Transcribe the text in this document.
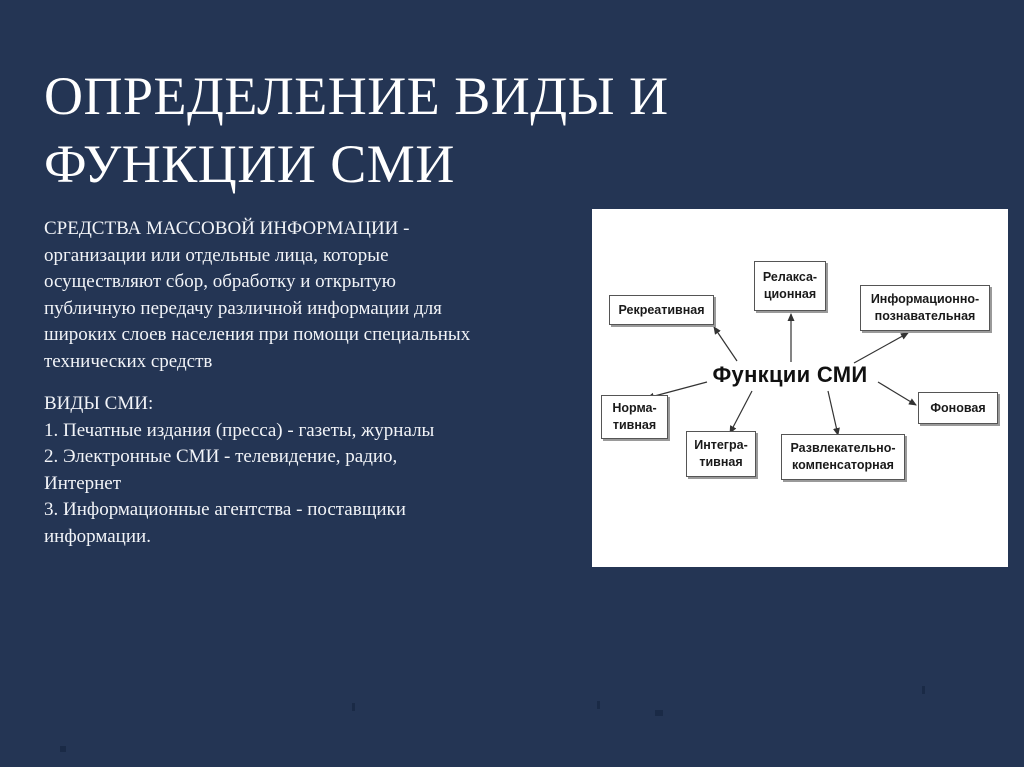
ОПРЕДЕЛЕНИЕ ВИДЫ И
ФУНКЦИИ СМИ
СРЕДСТВА МАССОВОЙ ИНФОРМАЦИИ -
организации или отдельные лица, которые
осуществляют сбор, обработку и открытую
публичную передачу различной информации для
широких слоев населения при помощи специальных
технических средств
ВИДЫ СМИ:
1. Печатные издания (пресса) - газеты, журналы
2. Электронные СМИ - телевидение, радио,
Интернет
3. Информационные агентства - поставщики
информации.
Функции СМИ
Рекреативная
Релакса-
ционная	Информационно-
познавательная
Норма-
тивная
Интегра-
тивная
Развлекательно-
компенсаторная
Фоновая
